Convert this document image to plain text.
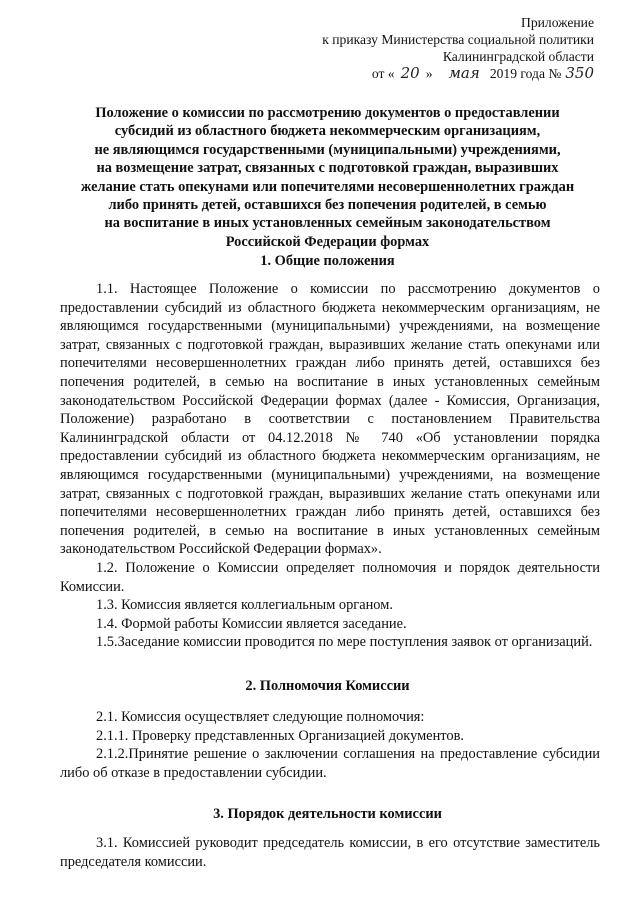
Приложение
к приказу Министерства социальной политики
Калининградской области
от « 20 » мая 2019 года № 350
Положение о комиссии по рассмотрению документов о предоставлении
субсидий из областного бюджета некоммерческим организациям,
не являющимся государственными (муниципальными) учреждениями,
на возмещение затрат, связанных с подготовкой граждан, выразивших
желание стать опекунами или попечителями несовершеннолетних граждан
либо принять детей, оставшихся без попечения родителей, в семью
на воспитание в иных установленных семейным законодательством
Российской Федерации формах
1. Общие положения

1.1. Настоящее Положение о комиссии по рассмотрению документов о предоставлении субсидий из областного бюджета некоммерческим организациям, не являющимся государственными (муниципальными) учреждениями, на возмещение затрат, связанных с подготовкой граждан, выразивших желание стать опекунами или попечителями несовершеннолетних граждан либо принять детей, оставшихся без попечения родителей, в семью на воспитание в иных установленных семейным законодательством Российской Федерации формах (далее - Комиссия, Организация, Положение) разработано в соответствии с постановлением Правительства Калининградской области от 04.12.2018 № 740 «Об установлении порядка предоставлении субсидий из областного бюджета некоммерческим организациям, не являющимся государственными (муниципальными) учреждениями, на возмещение затрат, связанных с подготовкой граждан, выразивших желание стать опекунами или попечителями несовершеннолетних граждан либо принять детей, оставшихся без попечения родителей, в семью на воспитание в иных установленных семейным законодательством Российской Федерации формах».

1.2. Положение о Комиссии определяет полномочия и порядок деятельности Комиссии.

1.3. Комиссия является коллегиальным органом.

1.4. Формой работы Комиссии является заседание.

1.5.Заседание комиссии проводится по мере поступления заявок от организаций.

2. Полномочия Комиссии

2.1. Комиссия осуществляет следующие полномочия:

2.1.1. Проверку представленных Организацией документов.

2.1.2.Принятие решение о заключении соглашения на предоставление субсидии либо об отказе в предоставлении субсидии.

3. Порядок деятельности комиссии

3.1. Комиссией руководит председатель комиссии, в его отсутствие заместитель председателя комиссии.
